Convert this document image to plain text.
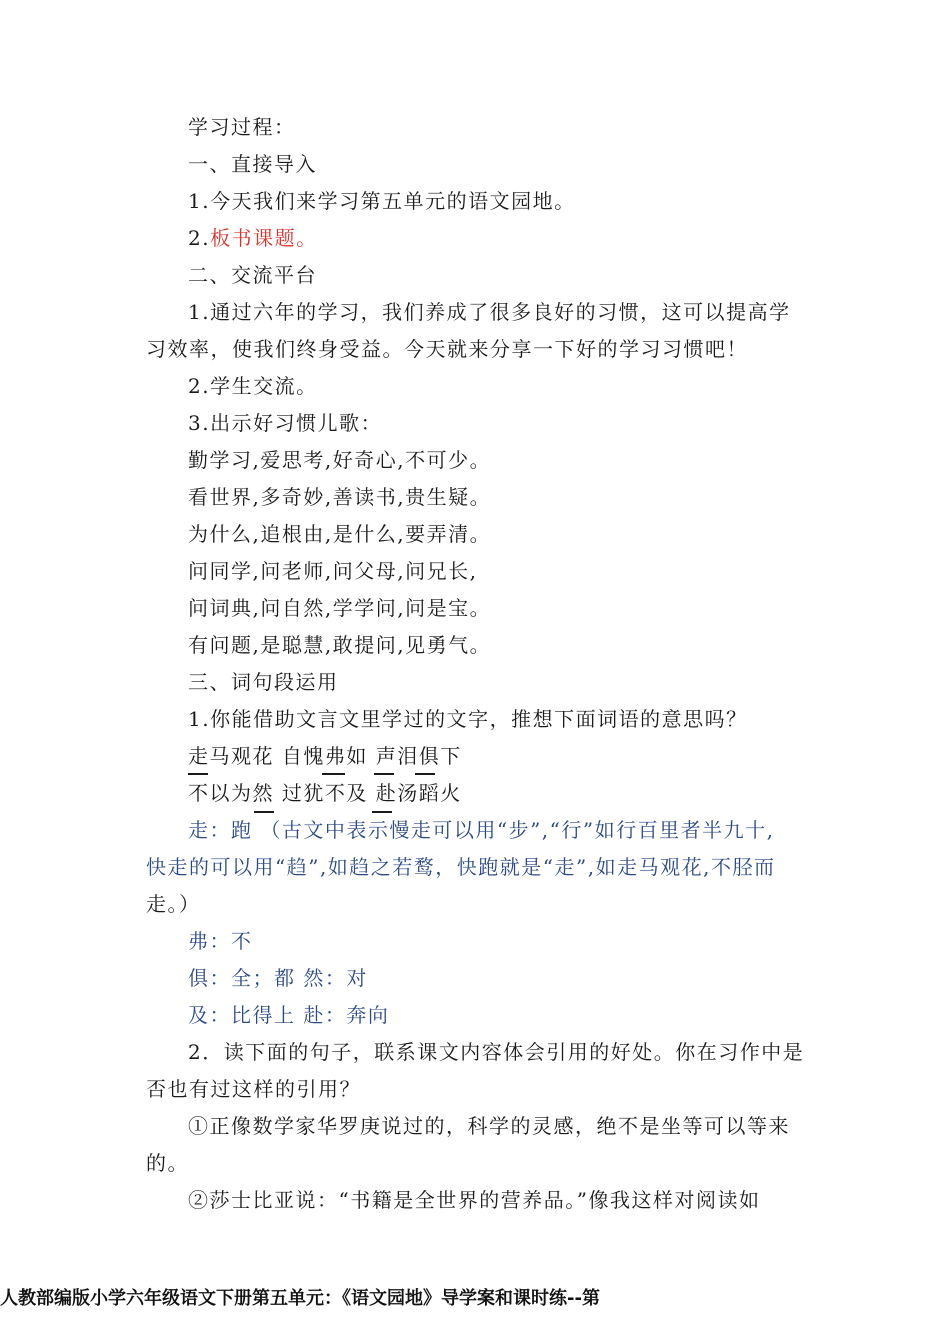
学习过程：
一、直接导入
1.今天我们来学习第五单元的语文园地。
2.板书课题。
二、交流平台
1.通过六年的学习，我们养成了很多良好的习惯，这可以提高学
习效率，使我们终身受益。今天就来分享一下好的学习习惯吧！
2.学生交流。
3.出示好习惯儿歌：
勤学习,爱思考,好奇心,不可少。
看世界,多奇妙,善读书,贵生疑。
为什么,追根由,是什么,要弄清。
问同学,问老师,问父母,问兄长,
问词典,问自然,学学问,问是宝。
有问题,是聪慧,敢提问,见勇气。
三、词句段运用
1.你能借助文言文里学过的文字，推想下面词语的意思吗？
走马观花 自愧弗如 声泪俱下
不以为然 过犹不及 赴汤蹈火
走：跑 （古文中表示慢走可以用“步”,“行”如行百里者半九十,
快走的可以用“趋”,如趋之若鹜，快跑就是“走”,如走马观花,不胫而
走。）
弗：不
俱：全；都 然：对
及：比得上 赴：奔向
2．读下面的句子，联系课文内容体会引用的好处。你在习作中是
否也有过这样的引用？
①正像数学家华罗庚说过的，科学的灵感，绝不是坐等可以等来
的。
②莎士比亚说：“书籍是全世界的营养品。”像我这样对阅读如
人教部编版小学六年级语文下册第五单元：《语文园地》导学案和课时练--第
